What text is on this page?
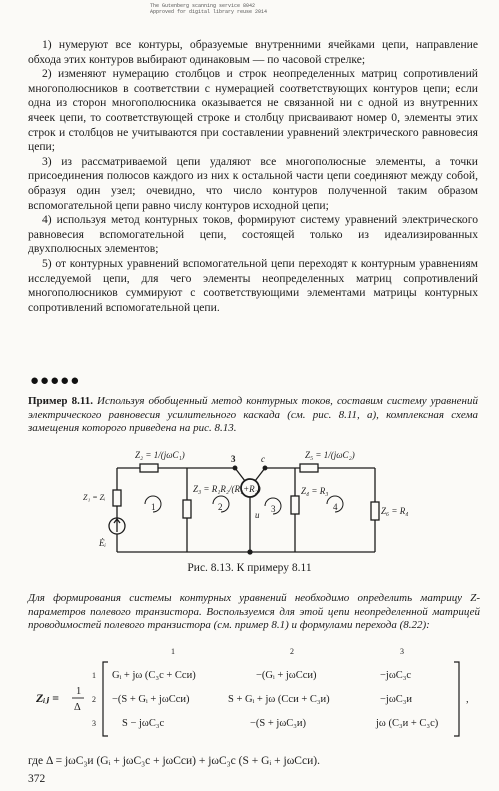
The Gutenberg scanning service 8042
Approved for digital library reuse 2014

1) нумеруют все контуры, образуемые внутренними ячейками цепи, направление обхода этих контуров выбирают одинаковым — по часовой стрелке;

2) изменяют нумерацию столбцов и строк неопределенных матриц сопротивлений многополюсников в соответствии с нумерацией соответствующих контуров цепи; если одна из сторон многополюсника оказывается не связанной ни с одной из внутренних ячеек цепи, то соответствующей строке и столбцу присваивают номер 0, элементы этих строк и столбцов не учитываются при составлении уравнений электрического равновесия цепи;

3) из рассматриваемой цепи удаляют все многополюсные элементы, а точки присоединения полюсов каждого из них к остальной части цепи соединяют между собой, образуя один узел; очевидно, что число контуров полученной таким образом вспомогательной цепи равно числу контуров исходной цепи;

4) используя метод контурных токов, формируют систему уравнений электрического равновесия вспомогательной цепи, состоящей только из идеализированных двухполюсных элементов;

5) от контурных уравнений вспомогательной цепи переходят к контурным уравнениям исследуемой цепи, для чего элементы неопределенных матриц сопротивлений многополюсников суммируют с соответствующими элементами матрицы контурных сопротивлений вспомогательной цепи.

●●●●●
Пример 8.11. Используя обобщенный метод контурных токов, составим систему уравнений электрического равновесия усилительного каскада (см. рис. 8.11, а), комплексная схема замещения которого приведена на рис. 8.13.
Z₂ = 1/(jωC₁)	Z₅ = 1/(jωC₂)
Z₃ = R₁R₂/(R₁+R₂)
Z₁ = Zᵢ
Ėᵢ
Z₄ = R₃
Z₆ = R₄
3	с
и
1	2	3	4
Рис. 8.13. К примеру 8.11
Для формирования системы контурных уравнений необходимо определить матрицу Z-параметров полевого транзистора. Воспользуемся для этой цепи неопределенной матрицей проводимостей полевого транзистора (см. пример 8.1) и формулами перехода (8.22):
Zᵢⱼ = 1
Δ
1	2	3
1
2
3
Gᵢ + jω (C₃с + Cси)	−(Gᵢ + jωCси)	−jωC₃с
−(S + Gᵢ + jωCси)	S + Gᵢ + jω (Cси + C₃и)	−jωC₃и
S − jωC₃с	−(S + jωC₃и)	jω (C₃и + C₃с)
,
где Δ = jωC₃и (Gᵢ + jωC₃с + jωCси) + jωC₃с (S + Gᵢ + jωCси).
372
